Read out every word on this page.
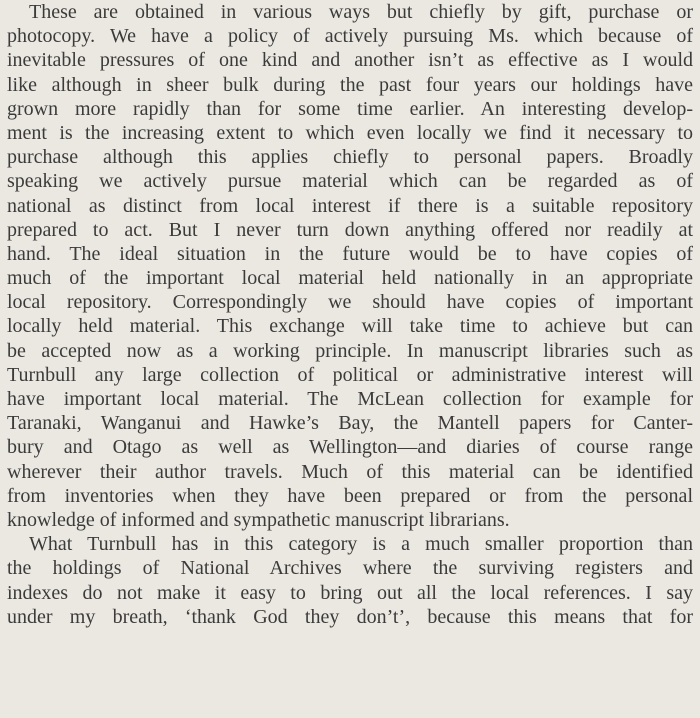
These are obtained in various ways but chiefly by gift, purchase or
photocopy. We have a policy of actively pursuing Ms. which because of
inevitable pressures of one kind and another isn’t as effective as I would
like although in sheer bulk during the past four years our holdings have
grown more rapidly than for some time earlier. An interesting develop-
ment is the increasing extent to which even locally we find it necessary to
purchase although this applies chiefly to personal papers. Broadly
speaking we actively pursue material which can be regarded as of
national as distinct from local interest if there is a suitable repository
prepared to act. But I never turn down anything offered nor readily at
hand. The ideal situation in the future would be to have copies of
much of the important local material held nationally in an appropriate
local repository. Correspondingly we should have copies of important
locally held material. This exchange will take time to achieve but can
be accepted now as a working principle. In manuscript libraries such as
Turnbull any large collection of political or administrative interest will
have important local material. The McLean collection for example for
Taranaki, Wanganui and Hawke’s Bay, the Mantell papers for Canter-
bury and Otago as well as Wellington—and diaries of course range
wherever their author travels. Much of this material can be identified
from inventories when they have been prepared or from the personal
knowledge of informed and sympathetic manuscript librarians.
What Turnbull has in this category is a much smaller proportion than
the holdings of National Archives where the surviving registers and
indexes do not make it easy to bring out all the local references. I say
under my breath, ‘thank God they don’t’, because this means that for
